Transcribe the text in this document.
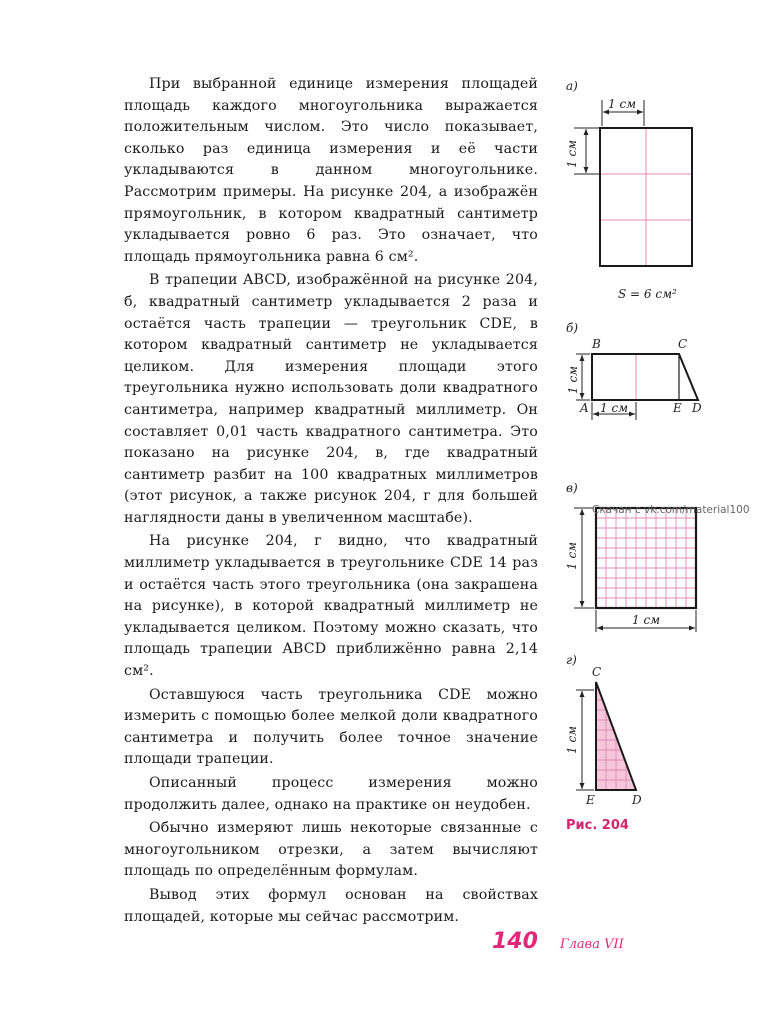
При выбранной единице измерения площадей площадь каждого многоугольника выражается положительным числом. Это число показывает, сколько раз единица измерения и её части укладываются в данном многоугольнике. Рассмотрим примеры. На рисунке 204, а изображён прямоугольник, в котором квадратный сантиметр укладывается ровно 6 раз. Это означает, что площадь прямоугольника равна 6 см².

В трапеции ABCD, изображённой на рисунке 204, б, квадратный сантиметр укладывается 2 раза и остаётся часть трапеции — треугольник CDE, в котором квадратный сантиметр не укладывается целиком. Для измерения площади этого треугольника нужно использовать доли квадратного сантиметра, например квадратный миллиметр. Он составляет 0,01 часть квадратного сантиметра. Это показано на рисунке 204, в, где квадратный сантиметр разбит на 100 квадратных миллиметров (этот рисунок, а также рисунок 204, г для большей наглядности даны в увеличенном масштабе).

На рисунке 204, г видно, что квадратный миллиметр укладывается в треугольнике CDE 14 раз и остаётся часть этого треугольника (она закрашена на рисунке), в которой квадратный миллиметр не укладывается целиком. Поэтому можно сказать, что площадь трапеции ABCD приближённо равна 2,14 см².

Оставшуюся часть треугольника CDE можно измерить с помощью более мелкой доли квадратного сантиметра и получить более точное значение площади трапеции.

Описанный процесс измерения можно продолжить далее, однако на практике он неудобен.

Обычно измеряют лишь некоторые связанные с многоугольником отрезки, а затем вычисляют площадь по определённым формулам.

Вывод этих формул основан на свойствах площадей, которые мы сейчас рассмотрим.

а)
1 см
1 см
S = 6 см²
б)
B	C
A	E D
1 см
1 см
в)
1 см
1 см
г)
C
E	D
1 см
Скачан с vk.com/material100
Рис. 204
140 Глава VII
